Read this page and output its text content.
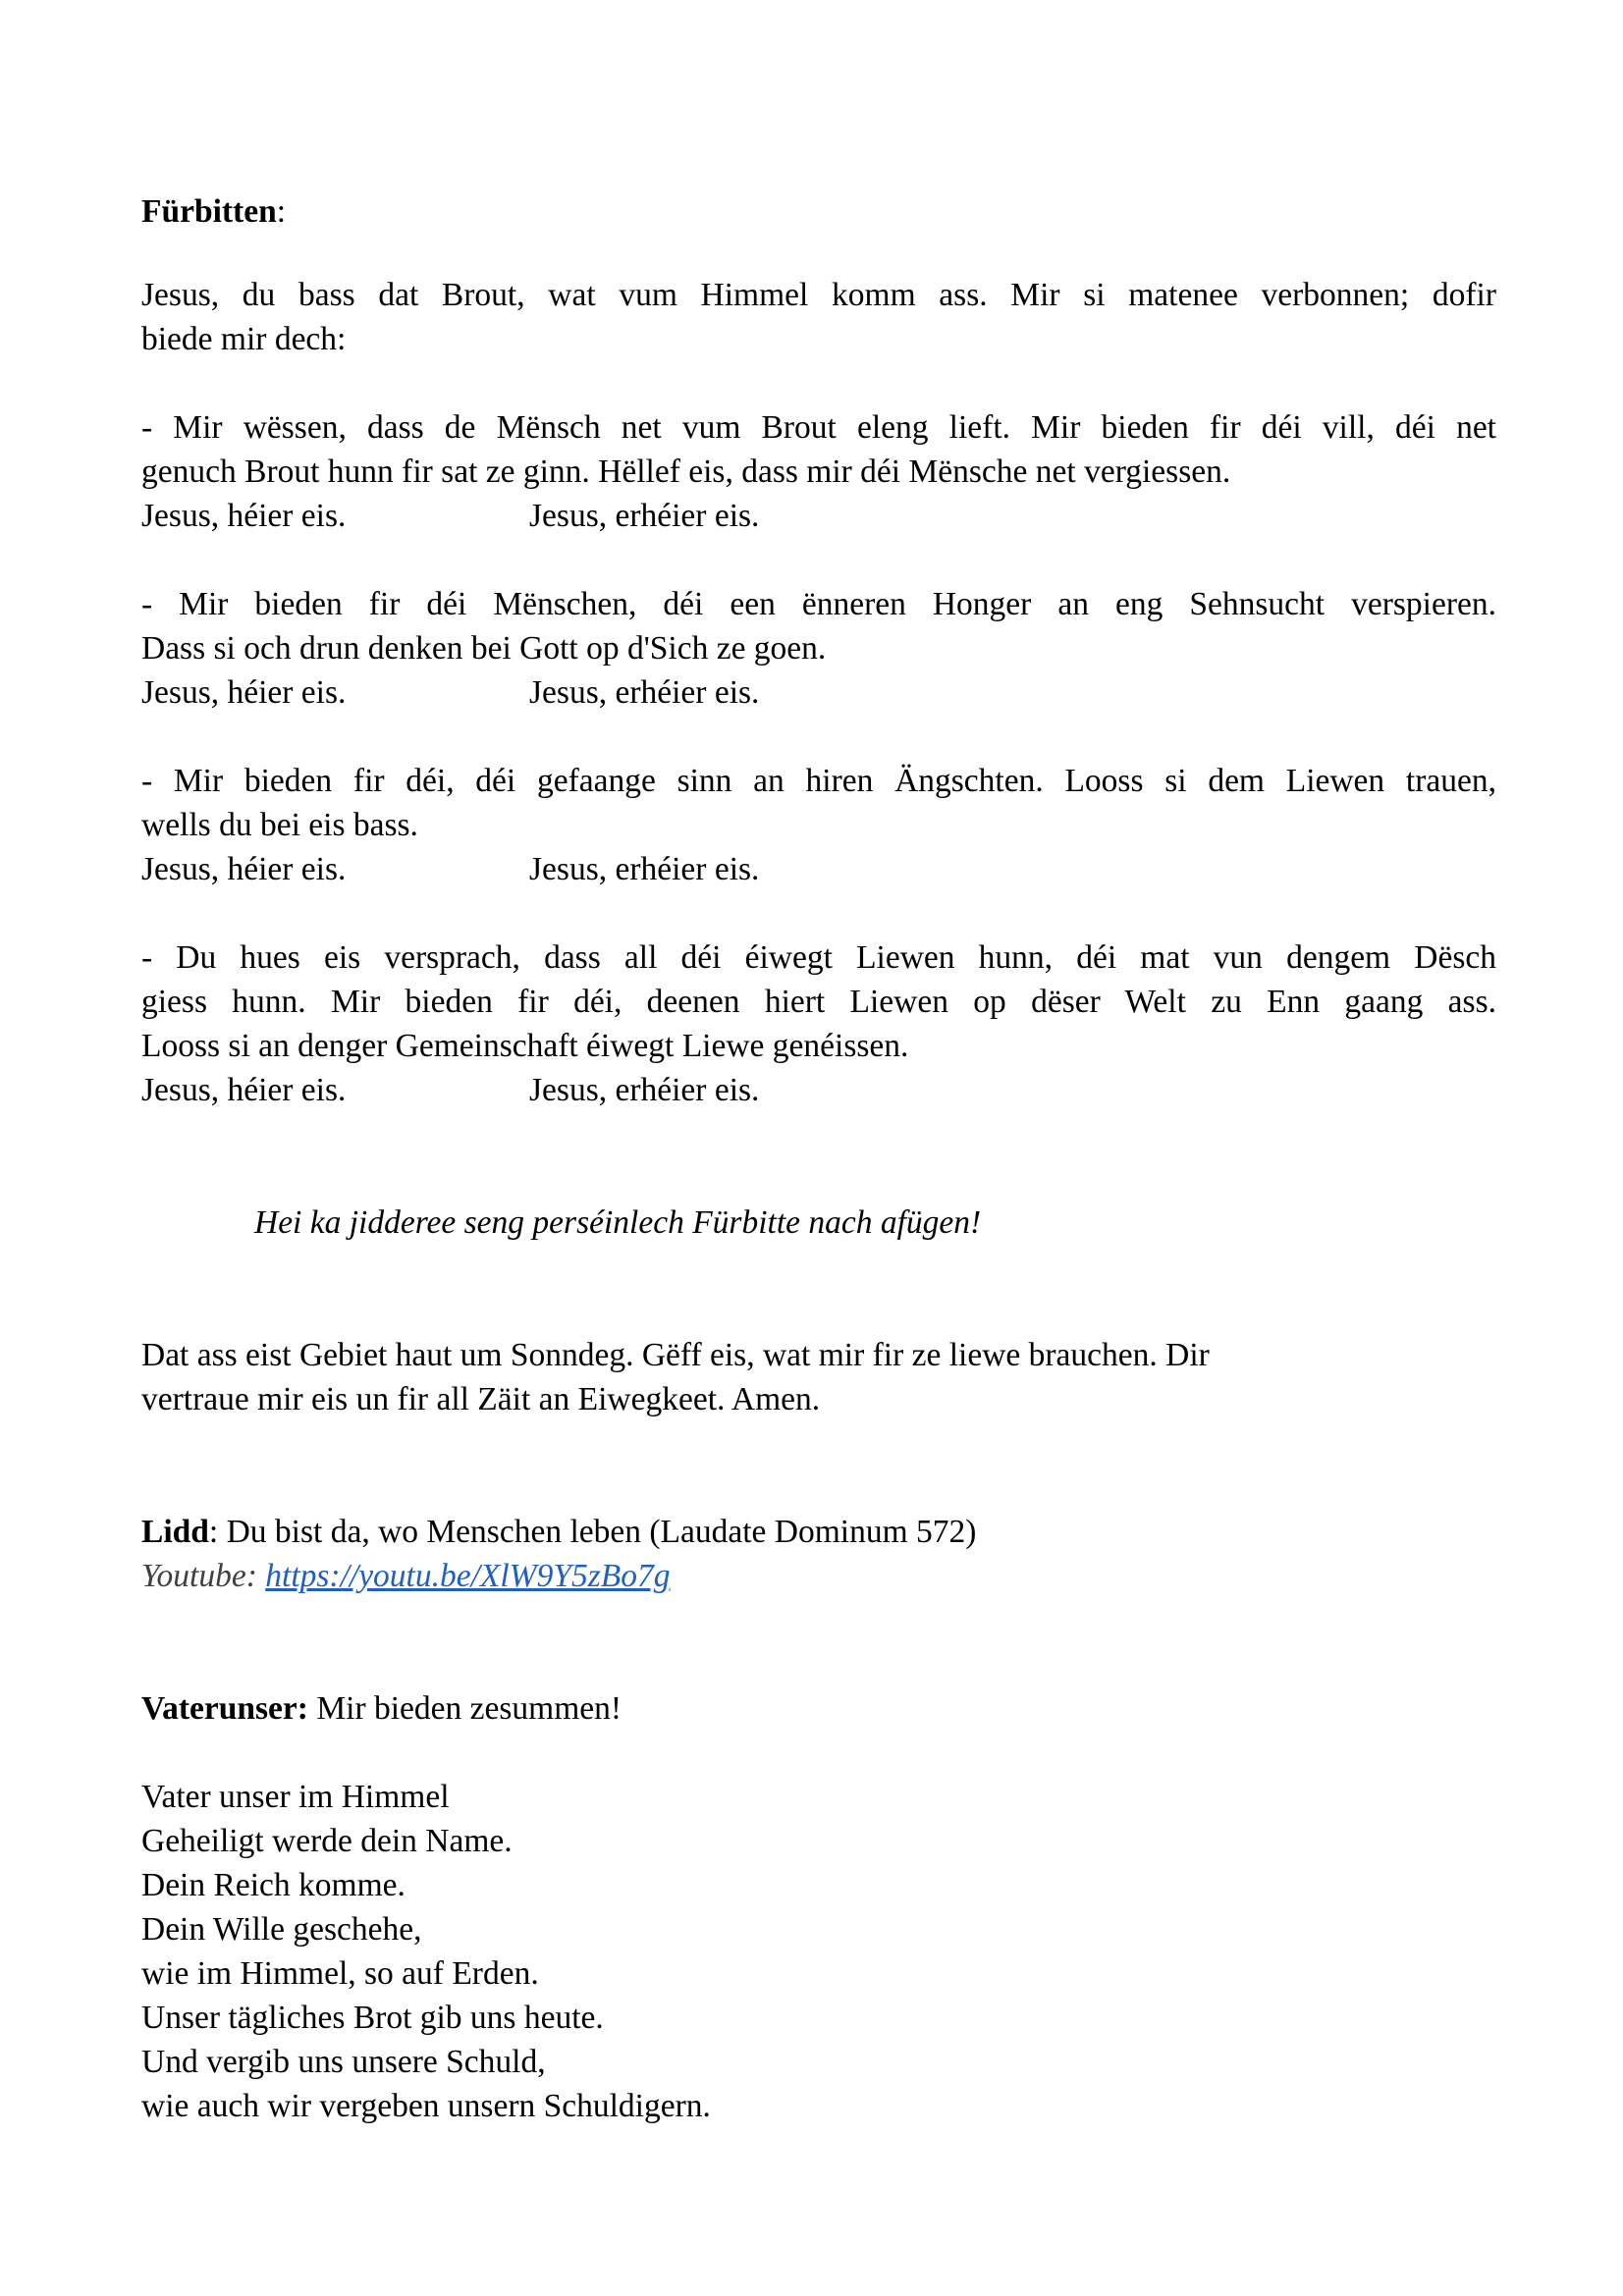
Fürbitten:
Jesus, du bass dat Brout, wat vum Himmel komm ass. Mir si matenee verbonnen; dofir
biede mir dech:
- Mir wëssen, dass de Mënsch net vum Brout eleng lieft. Mir bieden fir déi vill, déi net
genuch Brout hunn fir sat ze ginn. Hëllef eis, dass mir déi Mënsche net vergiessen.
Jesus, héier eis.	Jesus, erhéier eis.
- Mir bieden fir déi Mënschen, déi een ënneren Honger an eng Sehnsucht verspieren.
Dass si och drun denken bei Gott op d'Sich ze goen.
Jesus, héier eis.	Jesus, erhéier eis.
- Mir bieden fir déi, déi gefaange sinn an hiren Ängschten. Looss si dem Liewen trauen,
wells du bei eis bass.
Jesus, héier eis.	Jesus, erhéier eis.
- Du hues eis versprach, dass all déi éiwegt Liewen hunn, déi mat vun dengem Dësch
giess hunn. Mir bieden fir déi, deenen hiert Liewen op dëser Welt zu Enn gaang ass.
Looss si an denger Gemeinschaft éiwegt Liewe genéissen.
Jesus, héier eis.	Jesus, erhéier eis.
Hei ka jidderee seng perséinlech Fürbitte nach afügen!
Dat ass eist Gebiet haut um Sonndeg. Gëff eis, wat mir fir ze liewe brauchen. Dir
vertraue mir eis un fir all Zäit an Eiwegkeet. Amen.
Lidd: Du bist da, wo Menschen leben (Laudate Dominum 572)
Youtube: https://youtu.be/XlW9Y5zBo7g
Vaterunser: Mir bieden zesummen!
Vater unser im Himmel
Geheiligt werde dein Name.
Dein Reich komme.
Dein Wille geschehe,
wie im Himmel, so auf Erden.
Unser tägliches Brot gib uns heute.
Und vergib uns unsere Schuld,
wie auch wir vergeben unsern Schuldigern.
